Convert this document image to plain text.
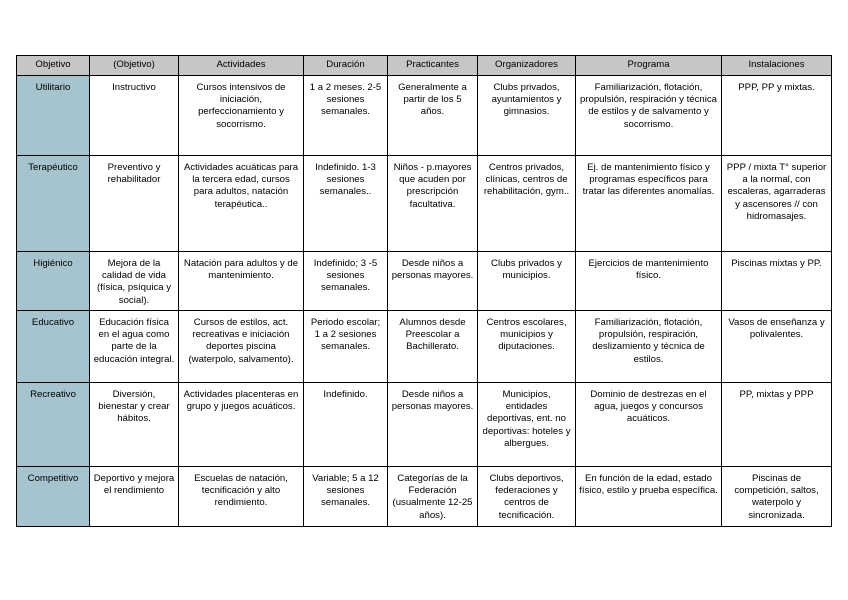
Objetivo	(Objetivo)	Actividades	Duración	Practicantes	Organizadores	Programa	Instalaciones
Utilitario	Instructivo	Cursos intensivos de iniciación, perfeccionamiento y socorrismo.	1 a 2 meses. 2-5 sesiones semanales.	Generalmente a partir de los 5 años.	Clubs privados, ayuntamientos y gimnasios.	Familiarización, flotación, propulsión, respiración y técnica de estilos y de salvamento y socorrismo.	PPP, PP y mixtas.
Terapéutico	Preventivo y rehabilitador	Actividades acuáticas para la tercera edad, cursos para adultos, natación terapéutica..	Indefinido. 1-3 sesiones semanales..	Niños - p.mayores que acuden por prescripción facultativa.	Centros privados, clínicas, centros de rehabilitación, gym..	Ej. de mantenimiento físico y programas específicos para tratar las diferentes anomalías.	PPP / mixta T° superior a la normal, con escaleras, agarraderas y ascensores // con hidromasajes.
Higiénico	Mejora de la calidad de vida (física, psíquica y social).	Natación para adultos y de mantenimiento.	Indefinido; 3 -5 sesiones semanales.	Desde niños a personas mayores.	Clubs privados y municipios.	Ejercicios de mantenimiento físico.	Piscinas mixtas y PP.
Educativo	Educación física en el agua como parte de la educación integral.	Cursos de estilos, act. recreativas e iniciación deportes piscina (waterpolo, salvamento).	Periodo escolar; 1 a 2 sesiones semanales.	Alumnos desde Preescolar a Bachillerato.	Centros escolares, municipios y diputaciones.	Familiarización, flotación, propulsión, respiración, deslizamiento y técnica de estilos.	Vasos de enseñanza y polivalentes.
Recreativo	Diversión, bienestar y crear hábitos.	Actividades placenteras en grupo y juegos acuáticos.	Indefinido.	Desde niños a personas mayores.	Municipios, entidades deportivas, ent. no deportivas: hoteles y albergues.	Dominio de destrezas en el agua, juegos y concursos acuáticos.	PP, mixtas y PPP
Competitivo	Deportivo y mejora el rendimiento	Escuelas de natación, tecnificación y alto rendimiento.	Variable; 5 a 12 sesiones semanales.	Categorías de la Federación (usualmente 12-25 años).	Clubs deportivos, federaciones y centros de tecnificación.	En función de la edad, estado físico, estilo y prueba específica.	Piscinas de competición, saltos, waterpolo y sincronizada.
